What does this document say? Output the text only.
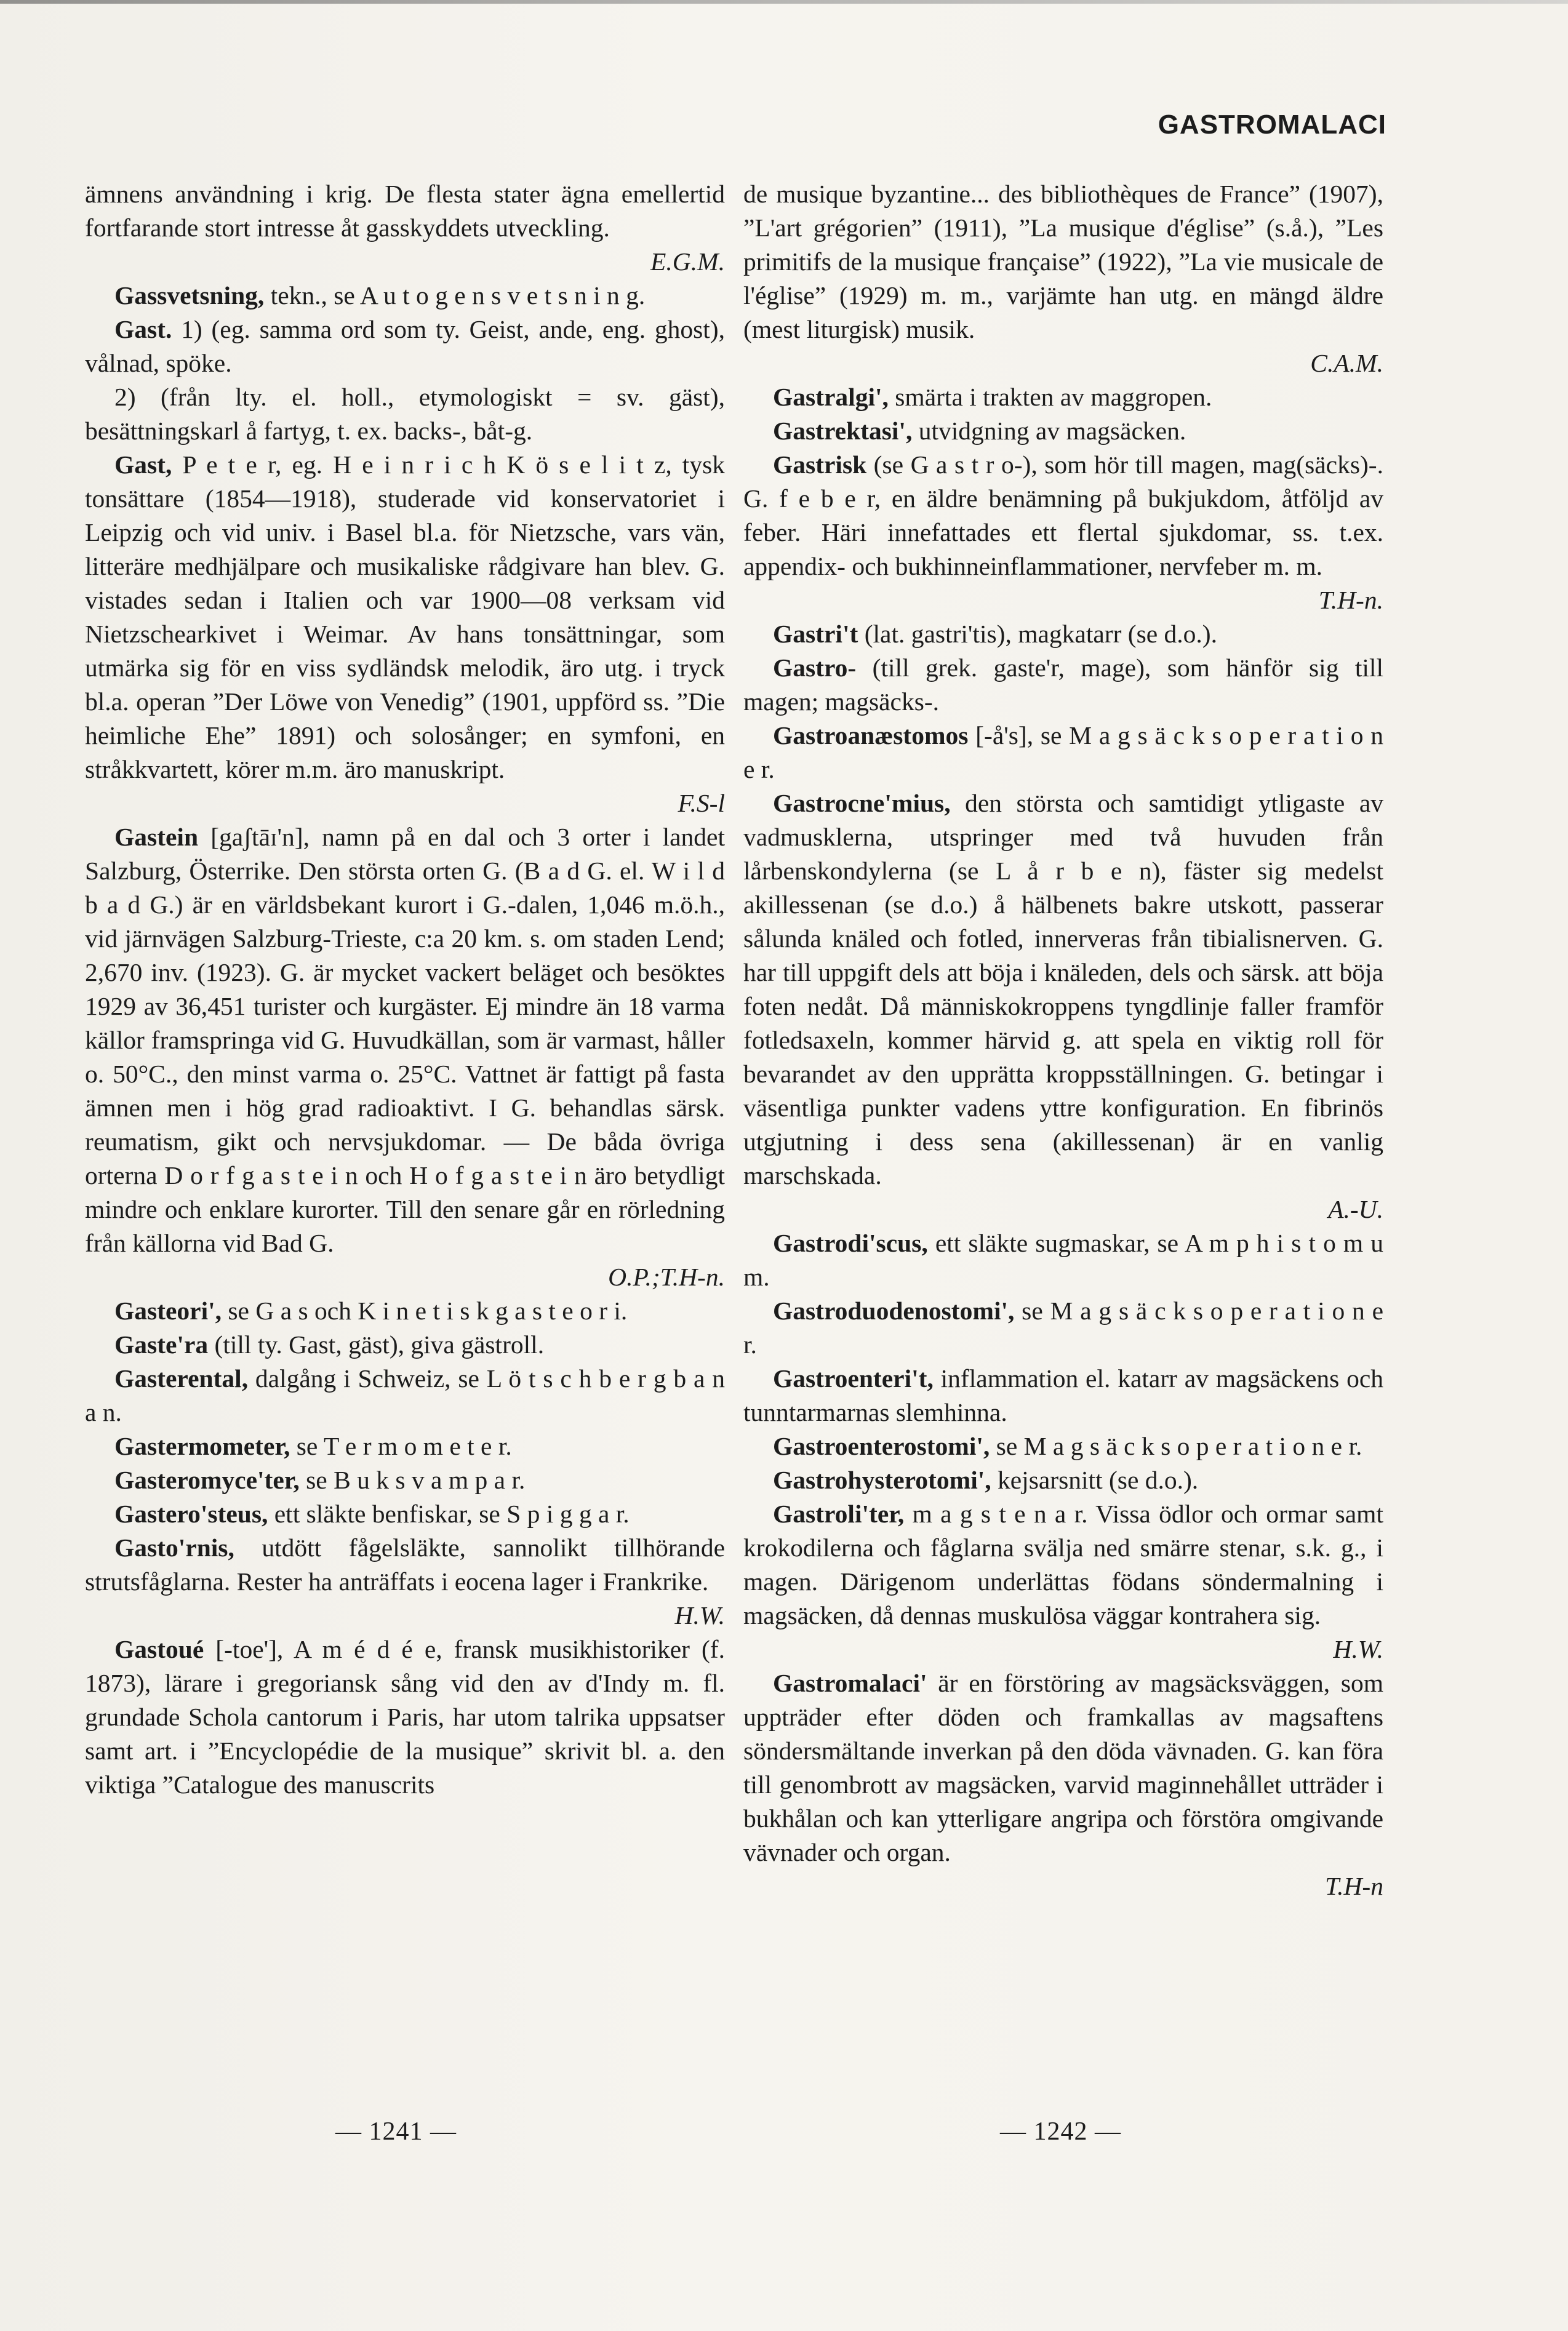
GASTROMALACI

ämnens användning i krig. De flesta stater ägna emellertid fortfarande stort intresse åt gasskyddets utveckling.
E.G.M.

Gassvetsning, tekn., se A u t o g e n s v e t s n i n g.

Gast. 1) (eg. samma ord som ty. Geist, ande, eng. ghost), vålnad, spöke.

2) (från lty. el. holl., etymologiskt = sv. gäst), besättningskarl å fartyg, t. ex. backs-, båt-g.

Gast, P e t e r, eg. H e i n r i c h K ö s e l i t z, tysk tonsättare (1854—1918), studerade vid konservatoriet i Leipzig och vid univ. i Basel bl.a. för Nietzsche, vars vän, litteräre medhjälpare och musikaliske rådgivare han blev. G. vistades sedan i Italien och var 1900—08 verksam vid Nietzschearkivet i Weimar. Av hans tonsättningar, som utmärka sig för en viss sydländsk melodik, äro utg. i tryck bl.a. operan ”Der Löwe von Venedig” (1901, uppförd ss. ”Die heimliche Ehe” 1891) och solosånger; en symfoni, en stråkkvartett, körer m.m. äro manuskript.
F.S-l

Gastein [gaʃtāɪ'n], namn på en dal och 3 orter i landet Salzburg, Österrike. Den största orten G. (B a d G. el. W i l d b a d G.) är en världsbekant kurort i G.-dalen, 1,046 m.ö.h., vid järnvägen Salzburg-Trieste, c:a 20 km. s. om staden Lend; 2,670 inv. (1923). G. är mycket vackert beläget och besöktes 1929 av 36,451 turister och kurgäster. Ej mindre än 18 varma källor framspringa vid G. Huvudkällan, som är varmast, håller o. 50°C., den minst varma o. 25°C. Vattnet är fattigt på fasta ämnen men i hög grad radioaktivt. I G. behandlas särsk. reumatism, gikt och nervsjukdomar. — De båda övriga orterna D o r f g a s t e i n och H o f g a s t e i n äro betydligt mindre och enklare kurorter. Till den senare går en rörledning från källorna vid Bad G.
O.P.;T.H-n.

Gasteori', se G a s och K i n e t i s k g a s t e o r i.

Gaste'ra (till ty. Gast, gäst), giva gästroll.

Gasterental, dalgång i Schweiz, se L ö t s c h b e r g b a n a n.

Gastermometer, se T e r m o m e t e r.

Gasteromyce'ter, se B u k s v a m p a r.

Gastero'steus, ett släkte benfiskar, se S p i g g a r.

Gasto'rnis, utdött fågelsläkte, sannolikt tillhörande strutsfåglarna. Rester ha anträffats i eocena lager i Frankrike.
H.W.

Gastoué [-toe'], A m é d é e, fransk musikhistoriker (f. 1873), lärare i gregoriansk sång vid den av d'Indy m. fl. grundade Schola cantorum i Paris, har utom talrika uppsatser samt art. i ”Encyclopédie de la musique” skrivit bl. a. den viktiga ”Catalogue des manuscrits

de musique byzantine... des bibliothèques de France” (1907), ”L'art grégorien” (1911), ”La musique d'église” (s.å.), ”Les primitifs de la musique française” (1922), ”La vie musicale de l'église” (1929) m. m., varjämte han utg. en mängd äldre (mest liturgisk) musik.
C.A.M.

Gastralgi', smärta i trakten av maggropen.

Gastrektasi', utvidgning av magsäcken.

Gastrisk (se G a s t r o-), som hör till magen, mag(säcks)-. G. f e b e r, en äldre benämning på bukjukdom, åtföljd av feber. Häri innefattades ett flertal sjukdomar, ss. t.ex. appendix- och bukhinneinflammationer, nervfeber m. m.
T.H-n.

Gastri't (lat. gastri'tis), magkatarr (se d.o.).

Gastro- (till grek. gaste'r, mage), som hänför sig till magen; magsäcks-.

Gastroanæstomos [-å's], se M a g s ä c k s o p e r a t i o n e r.

Gastrocne'mius, den största och samtidigt ytligaste av vadmusklerna, utspringer med två huvuden från lårbenskondylerna (se L å r b e n), fäster sig medelst akillessenan (se d.o.) å hälbenets bakre utskott, passerar sålunda knäled och fotled, innerveras från tibialisnerven. G. har till uppgift dels att böja i knäleden, dels och särsk. att böja foten nedåt. Då människokroppens tyngdlinje faller framför fotledsaxeln, kommer härvid g. att spela en viktig roll för bevarandet av den upprätta kroppsställningen. G. betingar i väsentliga punkter vadens yttre konfiguration. En fibrinös utgjutning i dess sena (akillessenan) är en vanlig marschskada.
A.-U.

Gastrodi'scus, ett släkte sugmaskar, se A m p h i s t o m u m.

Gastroduodenostomi', se M a g s ä c k s o p e r a t i o n e r.

Gastroenteri't, inflammation el. katarr av magsäckens och tunntarmarnas slemhinna.

Gastroenterostomi', se M a g s ä c k s o p e r a t i o n e r.

Gastrohysterotomi', kejsarsnitt (se d.o.).

Gastroli'ter, m a g s t e n a r. Vissa ödlor och ormar samt krokodilerna och fåglarna svälja ned smärre stenar, s.k. g., i magen. Därigenom underlättas födans söndermalning i magsäcken, då dennas muskulösa väggar kontrahera sig.
H.W.

Gastromalaci' är en förstöring av magsäcksväggen, som uppträder efter döden och framkallas av magsaftens söndersmältande inverkan på den döda vävnaden. G. kan föra till genombrott av magsäcken, varvid maginnehållet utträder i bukhålan och kan ytterligare angripa och förstöra omgivande vävnader och organ.
T.H-n

— 1241 —	— 1242 —
